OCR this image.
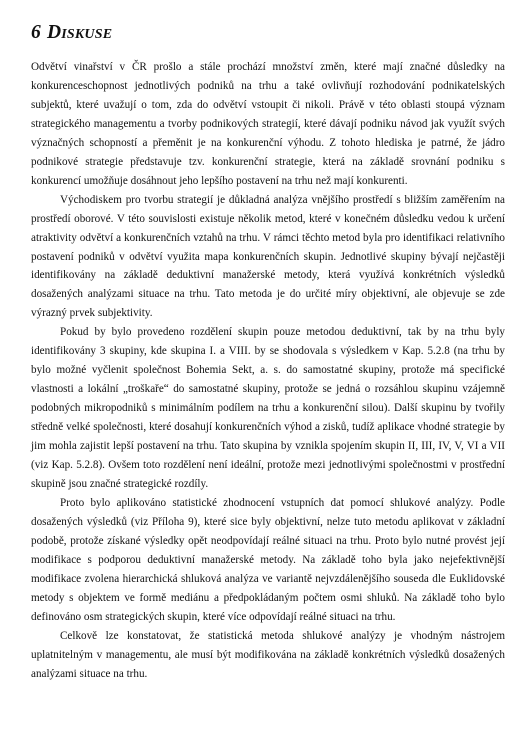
6 Diskuse

Odvětví vinařství v ČR prošlo a stále prochází množství změn, které mají značné důsledky na konkurenceschopnost jednotlivých podniků na trhu a také ovlivňují rozhodování podnikatelských subjektů, které uvažují o tom, zda do odvětví vstoupit či nikoli. Právě v této oblasti stoupá význam strategického managementu a tvorby podnikových strategií, které dávají podniku návod jak využít svých význačných schopností a přeměnit je na konkurenční výhodu. Z tohoto hlediska je patrné, že jádro podnikové strategie představuje tzv. konkurenční strategie, která na základě srovnání podniku s konkurencí umožňuje dosáhnout jeho lepšího postavení na trhu než mají konkurenti.

Východiskem pro tvorbu strategií je důkladná analýza vnějšího prostředí s bližším zaměřením na prostředí oborové. V této souvislosti existuje několik metod, které v konečném důsledku vedou k určení atraktivity odvětví a konkurenčních vztahů na trhu. V rámci těchto metod byla pro identifikaci relativního postavení podniků v odvětví využita mapa konkurenčních skupin. Jednotlivé skupiny bývají nejčastěji identifikovány na základě deduktivní manažerské metody, která využívá konkrétních výsledků dosažených analýzami situace na trhu. Tato metoda je do určité míry objektivní, ale objevuje se zde výrazný prvek subjektivity.

Pokud by bylo provedeno rozdělení skupin pouze metodou deduktivní, tak by na trhu byly identifikovány 3 skupiny, kde skupina I. a VIII. by se shodovala s výsledkem v Kap. 5.2.8 (na trhu by bylo možné vyčlenit společnost Bohemia Sekt, a. s. do samostatné skupiny, protože má specifické vlastnosti a lokální „troškaře“ do samostatné skupiny, protože se jedná o rozsáhlou skupinu vzájemně podobných mikropodniků s minimálním podílem na trhu a konkurenční silou). Další skupinu by tvořily středně velké společnosti, které dosahují konkurenčních výhod a zisků, tudíž aplikace vhodné strategie by jim mohla zajistit lepší postavení na trhu. Tato skupina by vznikla spojením skupin II, III, IV, V, VI a VII (viz Kap. 5.2.8). Ovšem toto rozdělení není ideální, protože mezi jednotlivými společnostmi v prostřední skupině jsou značné strategické rozdíly.

Proto bylo aplikováno statistické zhodnocení vstupních dat pomocí shlukové analýzy. Podle dosažených výsledků (viz Příloha 9), které sice byly objektivní, nelze tuto metodu aplikovat v základní podobě, protože získané výsledky opět neodpovídají reálné situaci na trhu. Proto bylo nutné provést její modifikace s podporou deduktivní manažerské metody. Na základě toho byla jako nejefektivnější modifikace zvolena hierarchická shluková analýza ve variantě nejvzdálenějšího souseda dle Euklidovské metody s objektem ve formě mediánu a předpokládaným počtem osmi shluků. Na základě toho bylo definováno osm strategických skupin, které více odpovídají reálné situaci na trhu.

Celkově lze konstatovat, že statistická metoda shlukové analýzy je vhodným nástrojem uplatnitelným v managementu, ale musí být modifikována na základě konkrétních výsledků dosažených analýzami situace na trhu.
